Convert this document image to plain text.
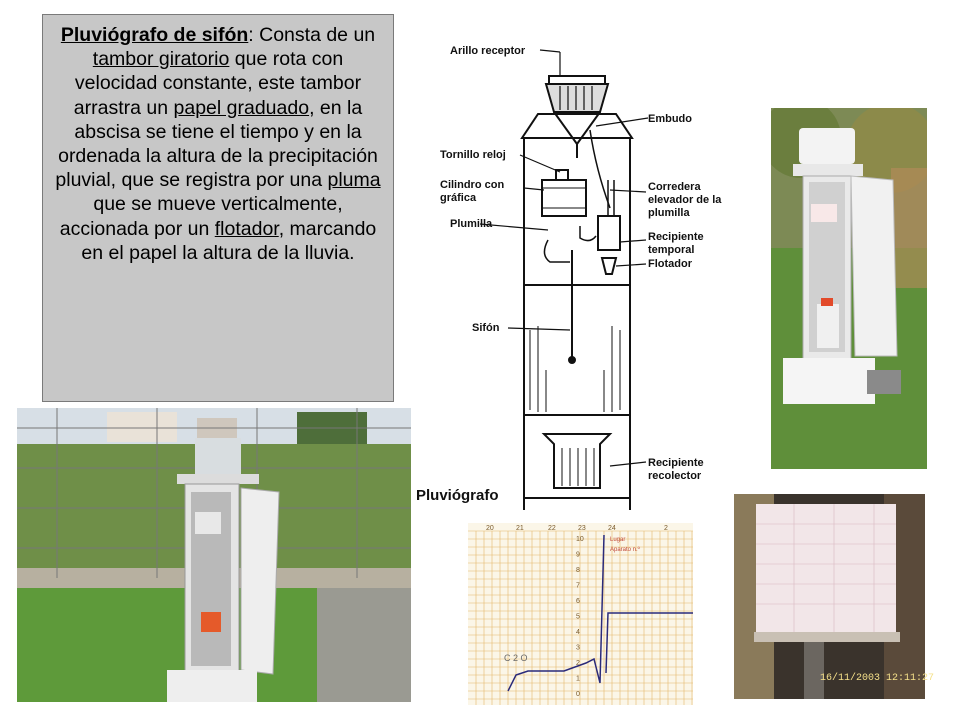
Pluviógrafo de sifón: Consta de un tambor giratorio que rota con velocidad constante, este tambor arrastra un papel graduado, en la abscisa se tiene el tiempo y en la ordenada la altura de la precipitación pluvial, que se registra por una pluma que se mueve verticalmente, accionada por un flotador, marcando en el papel la altura de la lluvia.
Arillo receptor
Embudo
Tornillo reloj
Cilindro con
gráfica
Corredera
elevador de la
plumilla
Plumilla
Recipiente
temporal
Flotador
Sifón
Recipiente
recolector
Pluviógrafo
20	21	22	23	24	2
10
9
8
7
6
5
4
3
2
1
0
Lugar
Aparato n.º
C 2 O
16/11/2003 12:11:27
